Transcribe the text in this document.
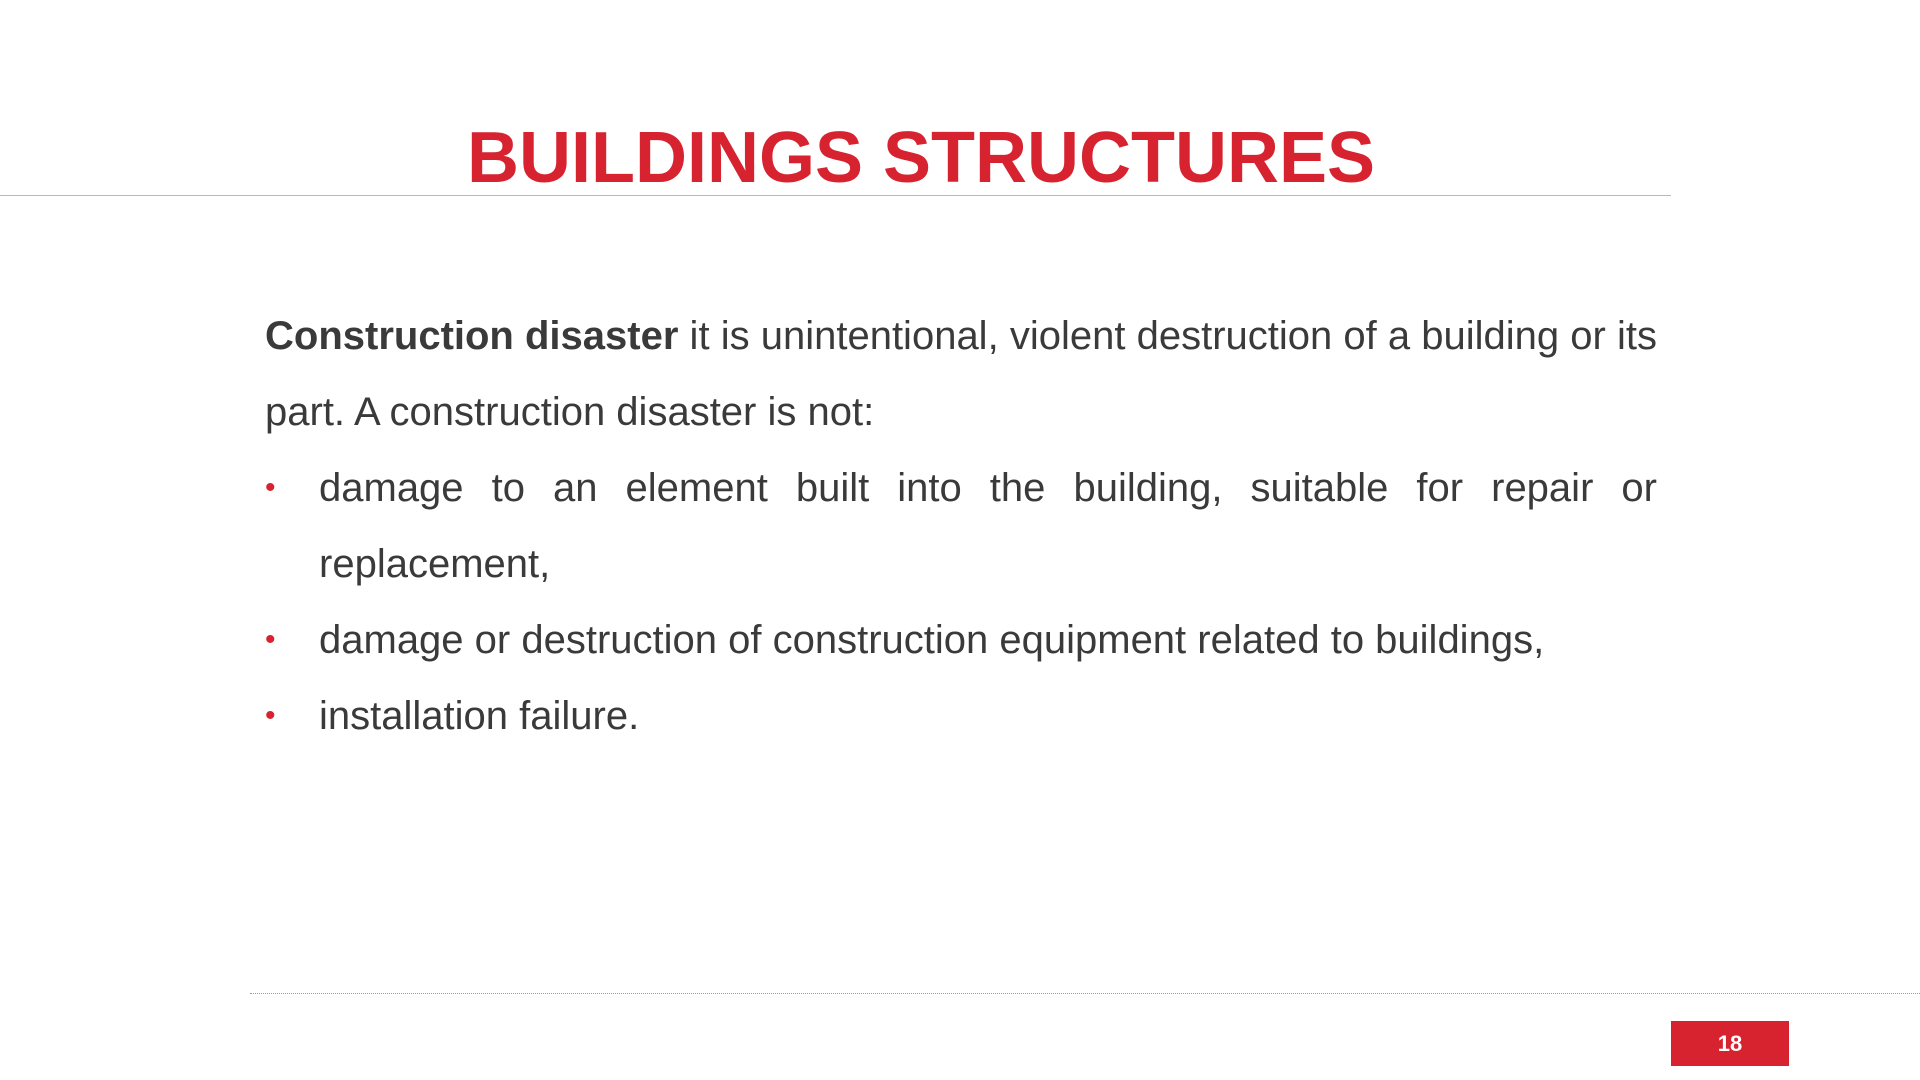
BUILDINGS STRUCTURES

Construction disaster it is unintentional, violent destruction of a building or its part. A construction disaster is not:

• damage to an element built into the building, suitable for repair or replacement,
• damage or destruction of construction equipment related to buildings,
• installation failure.
18
